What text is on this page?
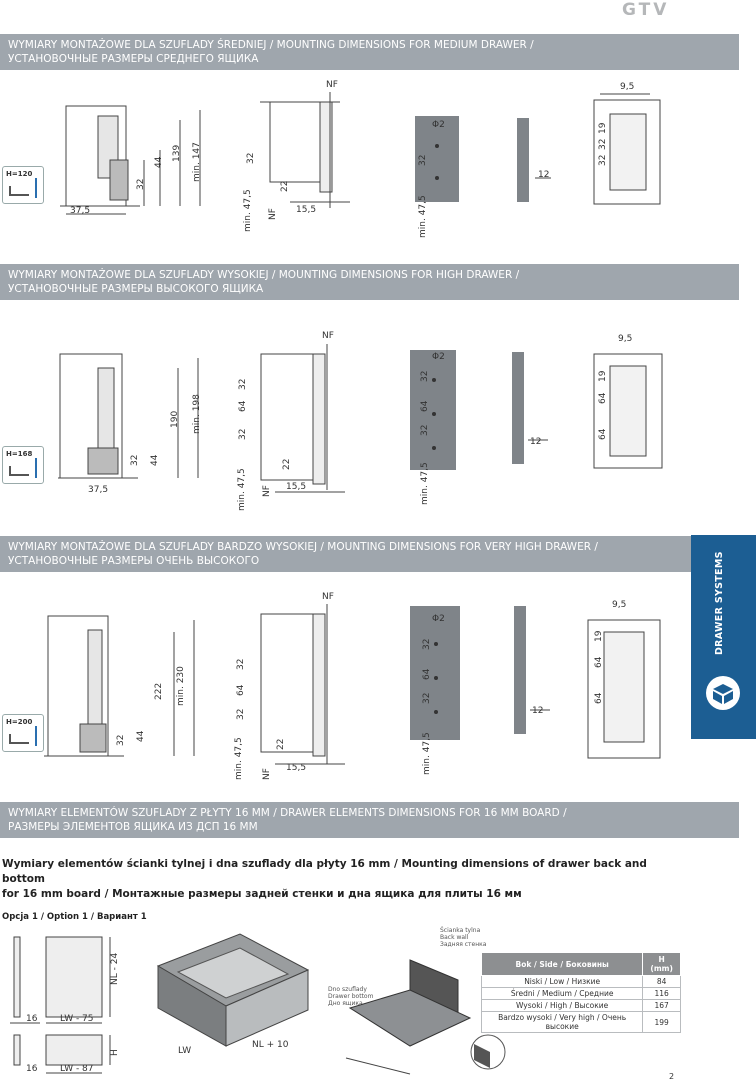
GTV
WYMIARY MONTAŻOWE DLA SZUFLADY ŚREDNIEJ / MOUNTING DIMENSIONS FOR MEDIUM DRAWER /
УСТАНОВОЧНЫЕ РАЗМЕРЫ СРЕДНЕГО ЯЩИКА
WYMIARY MONTAŻOWE DLA SZUFLADY WYSOKIEJ / MOUNTING DIMENSIONS FOR HIGH DRAWER /
УСТАНОВОЧНЫЕ РАЗМЕРЫ ВЫСОКОГО ЯЩИКА
WYMIARY MONTAŻOWE DLA SZUFLADY BARDZO WYSOKIEJ / MOUNTING DIMENSIONS FOR VERY HIGH DRAWER /
УСТАНОВОЧНЫЕ РАЗМЕРЫ ОЧЕНЬ ВЫСОКОГО
WYMIARY ELEMENTÓW SZUFLADY Z PŁYTY 16 MM / DRAWER ELEMENTS DIMENSIONS FOR 16 MM BOARD /
РАЗМЕРЫ ЭЛЕМЕНТОВ ЯЩИКА ИЗ ДСП 16 ММ
DRAWER SYSTEMS
H=120
H=168
H=200
37,5
32
44
139 min. 147
NF
32
min. 47,5
22
NF 15,5
Φ2
32
min. 47,5
12
9,5
32
32
19
37,5
32 44
190 min. 198
NF
32
64
32
min. 47,5
22
NF 15,5
Φ2
32
64
32
min. 47,5
12
9,5
19
64
64
32 44
222 min. 230
NF
32
64
32
min. 47,5	22
NF
15,5
Φ2
32
64
32
min. 47,5
12
9,5
19
64
64
Wymiary elementów ścianki tylnej i dna szuflady dla płyty 16 mm / Mounting dimensions of drawer back and bottom
for 16 mm board / Монтажные размеры задней стенки и дна ящика для плиты 16 мм
Opcja 1 / Option 1 / Вариант 1
16	LW - 75
NL - 24
H
16	LW - 87
LW
NL + 10
Ścianka tylna
Back wall
Задняя стенка
Dno szuflady
Drawer bottom
Дно ящика
Bok / Side / Боковины	H (mm)
Niski / Low / Низкие	84
Średni / Medium / Средние	116
Wysoki / High / Высокие	167
Bardzo wysoki / Very high / Очень высокие	199
2
